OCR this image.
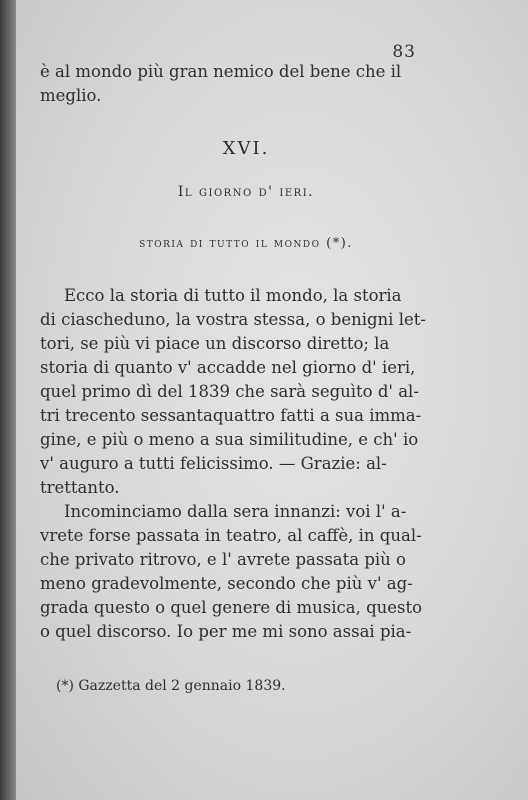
83
è al mondo più gran nemico del bene che il
meglio.
XVI.
Il giorno d' ieri.
storia di tutto il mondo (*).
Ecco la storia di tutto il mondo, la storia
di ciascheduno, la vostra stessa, o benigni let-
tori, se più vi piace un discorso diretto; la
storia di quanto v' accadde nel giorno d' ieri,
quel primo dì del 1839 che sarà seguìto d' al-
tri trecento sessantaquattro fatti a sua imma-
gine, e più o meno a sua similitudine, e ch' io
v' auguro a tutti felicissimo. — Grazie: al-
trettanto.
Incominciamo dalla sera innanzi: voi l' a-
vrete forse passata in teatro, al caffè, in qual-
che privato ritrovo, e l' avrete passata più o
meno gradevolmente, secondo che più v' ag-
grada questo o quel genere di musica, questo
o quel discorso. Io per me mi sono assai pia-
(*) Gazzetta del 2 gennaio 1839.
